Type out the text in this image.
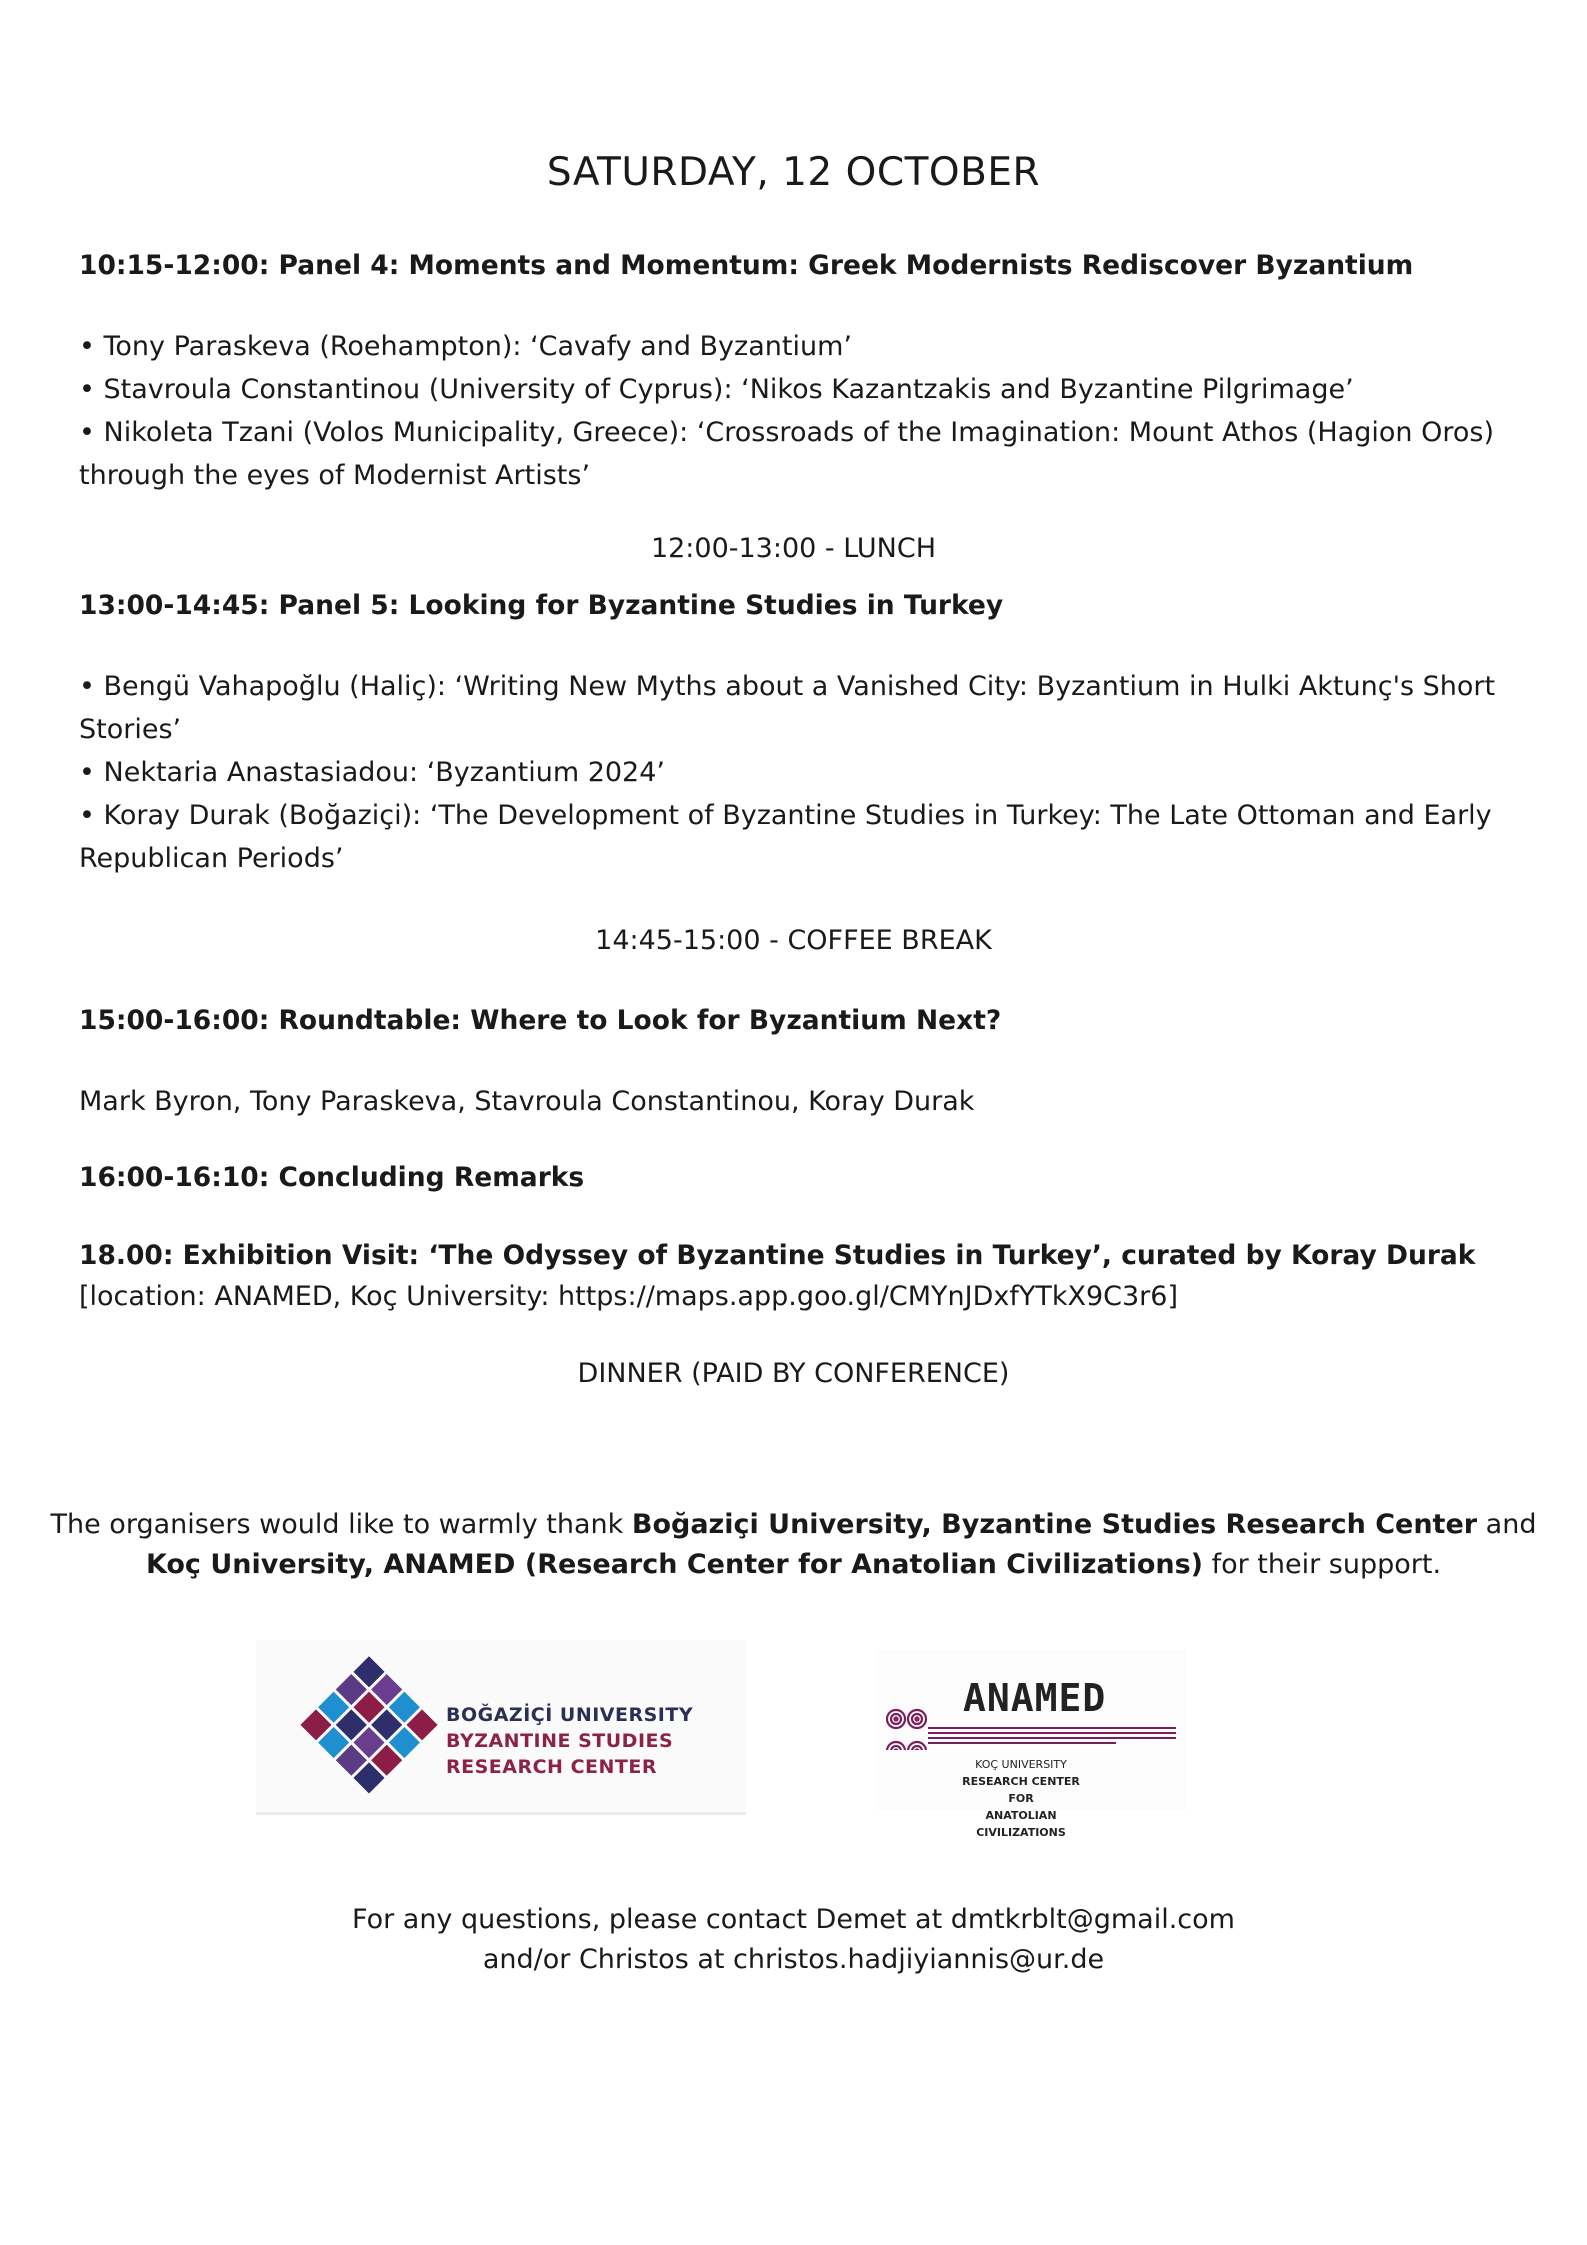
SATURDAY, 12 OCTOBER
10:15-12:00: Panel 4: Moments and Momentum: Greek Modernists Rediscover Byzantium
• Tony Paraskeva (Roehampton): ‘Cavafy and Byzantium’
• Stavroula Constantinou (University of Cyprus): ‘Nikos Kazantzakis and Byzantine Pilgrimage’
• Nikoleta Tzani (Volos Municipality, Greece): ‘Crossroads of the Imagination: Mount Athos (Hagion Oros) through the eyes of Modernist Artists’
12:00-13:00 - LUNCH
13:00-14:45: Panel 5: Looking for Byzantine Studies in Turkey
• Bengü Vahapoğlu (Haliç): ‘Writing New Myths about a Vanished City: Byzantium in Hulki Aktunç's Short Stories’
• Nektaria Anastasiadou: ‘Byzantium 2024’
• Koray Durak (Boğaziçi): ‘The Development of Byzantine Studies in Turkey: The Late Ottoman and Early Republican Periods’
14:45-15:00 - COFFEE BREAK
15:00-16:00: Roundtable: Where to Look for Byzantium Next?
Mark Byron, Tony Paraskeva, Stavroula Constantinou, Koray Durak
16:00-16:10: Concluding Remarks
18.00: Exhibition Visit: ‘The Odyssey of Byzantine Studies in Turkey’, curated by Koray Durak
[location: ANAMED, Koç University: https://maps.app.goo.gl/CMYnJDxfYTkX9C3r6]
DINNER (PAID BY CONFERENCE)
The organisers would like to warmly thank Boğaziçi University, Byzantine Studies Research Center and
Koç University, ANAMED (Research Center for Anatolian Civilizations) for their support.
BOĞAZİÇİ UNIVERSITY
BYZANTINE STUDIES
RESEARCH CENTER
ANAMED
KOÇ UNIVERSITY
RESEARCH CENTER FOR
ANATOLIAN CIVILIZATIONS
For any questions, please contact Demet at dmtkrblt@gmail.com
and/or Christos at christos.hadjiyiannis@ur.de
